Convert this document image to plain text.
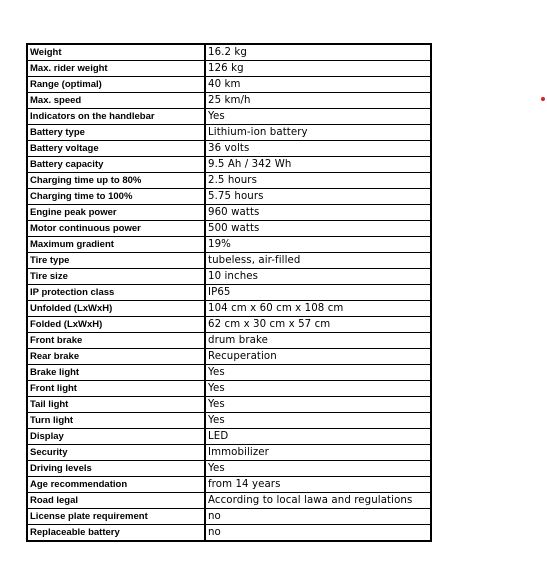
Weight	16.2 kg
Max. rider weight	126 kg
Range (optimal)	40 km
Max. speed	25 km/h
Indicators on the handlebar	Yes
Battery type	Lithium-ion battery
Battery voltage	36 volts
Battery capacity	9.5 Ah / 342 Wh
Charging time up to 80%	2.5 hours
Charging time to 100%	5.75 hours
Engine peak power	960 watts
Motor continuous power	500 watts
Maximum gradient	19%
Tire type	tubeless, air-filled
Tire size	10 inches
IP protection class	IP65
Unfolded (LxWxH)	104 cm x 60 cm x 108 cm
Folded (LxWxH)	62 cm x 30 cm x 57 cm
Front brake	drum brake
Rear brake	Recuperation
Brake light	Yes
Front light	Yes
Tail light	Yes
Turn light	Yes
Display	LED
Security	Immobilizer
Driving levels	Yes
Age recommendation	from 14 years
Road legal	According to local lawa and regulations
License plate requirement	no
Replaceable battery	no
